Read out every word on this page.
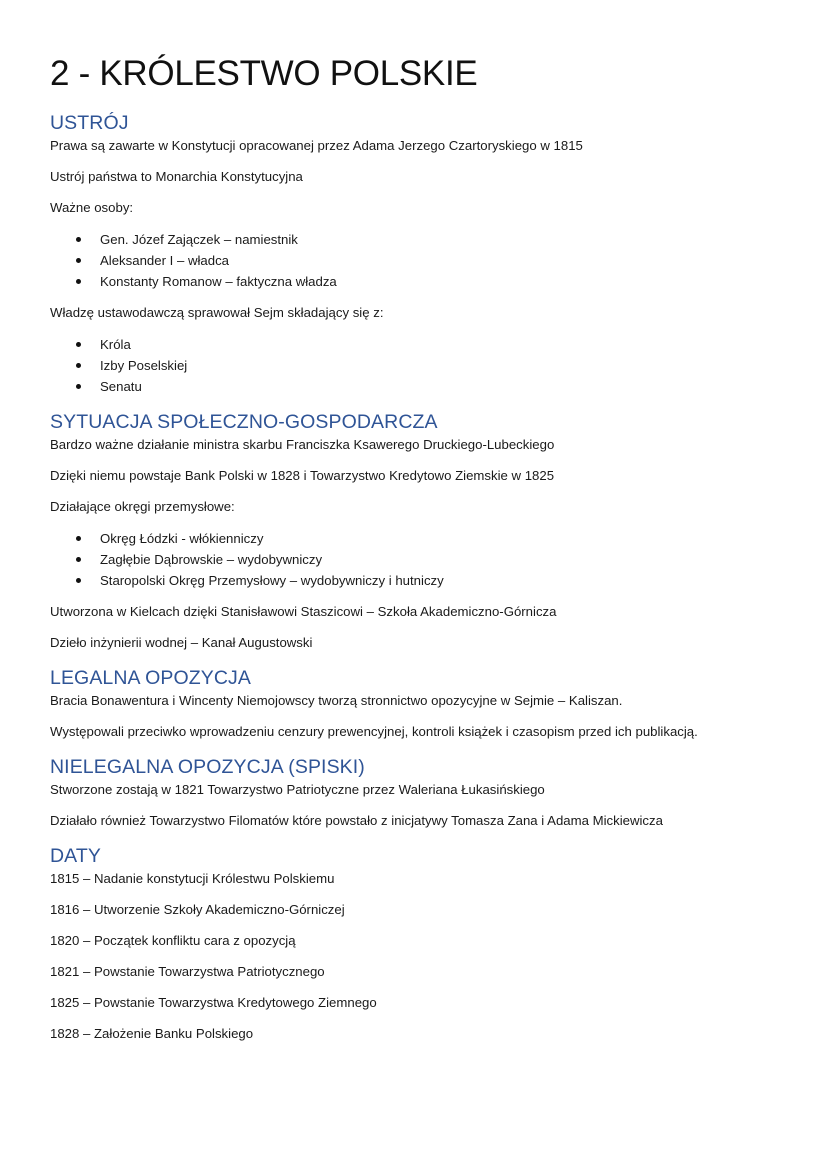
2 - KRÓLESTWO POLSKIE
USTRÓJ

Prawa są zawarte w Konstytucji opracowanej przez Adama Jerzego Czartoryskiego w 1815

Ustrój państwa to Monarchia Konstytucyjna

Ważne osoby:

Gen. Józef Zajączek – namiestnik
Aleksander I – władca
Konstanty Romanow – faktyczna władza

Władzę ustawodawczą sprawował Sejm składający się z:

Króla
Izby Poselskiej
Senatu
SYTUACJA SPOŁECZNO-GOSPODARCZA

Bardzo ważne działanie ministra skarbu Franciszka Ksawerego Druckiego-Lubeckiego

Dzięki niemu powstaje Bank Polski w 1828 i Towarzystwo Kredytowo Ziemskie w 1825

Działające okręgi przemysłowe:

Okręg Łódzki - włókienniczy
Zagłębie Dąbrowskie – wydobywniczy
Staropolski Okręg Przemysłowy – wydobywniczy i hutniczy

Utworzona w Kielcach dzięki Stanisławowi Staszicowi – Szkoła Akademiczno-Górnicza

Dzieło inżynierii wodnej – Kanał Augustowski

LEGALNA OPOZYCJA

Bracia Bonawentura i Wincenty Niemojowscy tworzą stronnictwo opozycyjne w Sejmie – Kaliszan.

Występowali przeciwko wprowadzeniu cenzury prewencyjnej, kontroli książek i czasopism przed ich publikacją.

NIELEGALNA OPOZYCJA (SPISKI)

Stworzone zostają w 1821 Towarzystwo Patriotyczne przez Waleriana Łukasińskiego

Działało również Towarzystwo Filomatów które powstało z inicjatywy Tomasza Zana i Adama Mickiewicza

DATY

1815 – Nadanie konstytucji Królestwu Polskiemu

1816 – Utworzenie Szkoły Akademiczno-Górniczej

1820 – Początek konfliktu cara z opozycją

1821 – Powstanie Towarzystwa Patriotycznego

1825 – Powstanie Towarzystwa Kredytowego Ziemnego

1828 – Założenie Banku Polskiego
